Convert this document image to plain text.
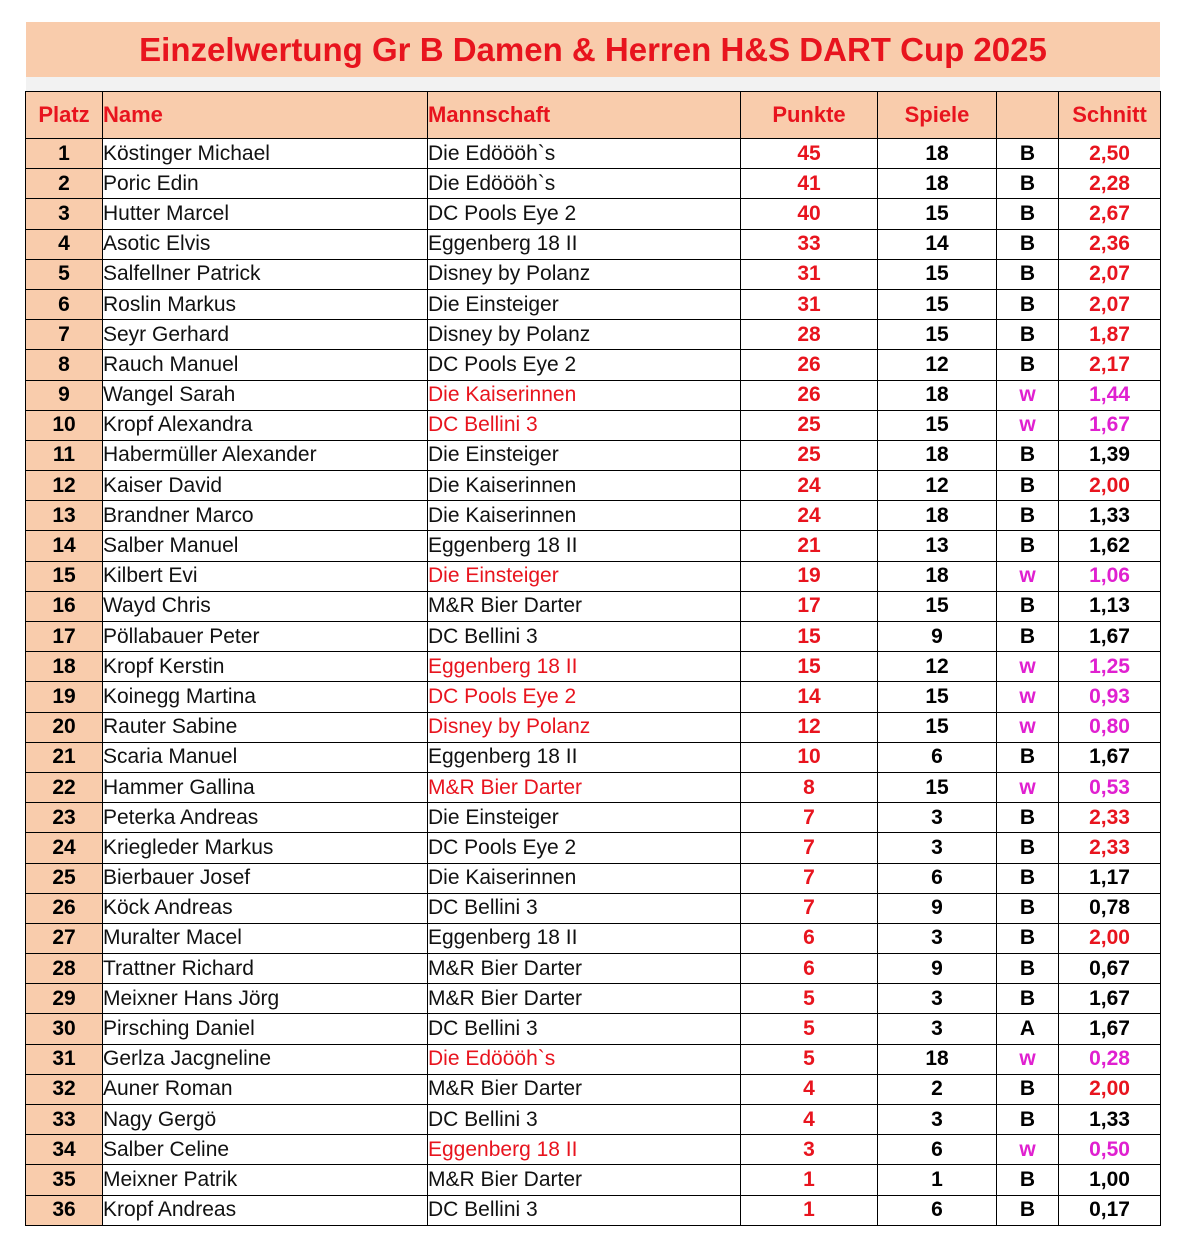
Einzelwertung Gr B Damen & Herren H&S DART Cup 2025
Platz	Name	Mannschaft	Punkte	Spiele		Schnitt
1	Köstinger Michael	Die Edöööh`s	45	18	B	2,50
2	Poric Edin	Die Edöööh`s	41	18	B	2,28
3	Hutter Marcel	DC Pools Eye 2	40	15	B	2,67
4	Asotic Elvis	Eggenberg 18 II	33	14	B	2,36
5	Salfellner Patrick	Disney by Polanz	31	15	B	2,07
6	Roslin Markus	Die Einsteiger	31	15	B	2,07
7	Seyr Gerhard	Disney by Polanz	28	15	B	1,87
8	Rauch Manuel	DC Pools Eye 2	26	12	B	2,17
9	Wangel Sarah	Die Kaiserinnen	26	18	w	1,44
10	Kropf Alexandra	DC Bellini 3	25	15	w	1,67
11	Habermüller Alexander	Die Einsteiger	25	18	B	1,39
12	Kaiser David	Die Kaiserinnen	24	12	B	2,00
13	Brandner Marco	Die Kaiserinnen	24	18	B	1,33
14	Salber Manuel	Eggenberg 18 II	21	13	B	1,62
15	Kilbert Evi	Die Einsteiger	19	18	w	1,06
16	Wayd Chris	M&R Bier Darter	17	15	B	1,13
17	Pöllabauer Peter	DC Bellini 3	15	9	B	1,67
18	Kropf Kerstin	Eggenberg 18 II	15	12	w	1,25
19	Koinegg Martina	DC Pools Eye 2	14	15	w	0,93
20	Rauter Sabine	Disney by Polanz	12	15	w	0,80
21	Scaria Manuel	Eggenberg 18 II	10	6	B	1,67
22	Hammer Gallina	M&R Bier Darter	8	15	w	0,53
23	Peterka Andreas	Die Einsteiger	7	3	B	2,33
24	Kriegleder Markus	DC Pools Eye 2	7	3	B	2,33
25	Bierbauer Josef	Die Kaiserinnen	7	6	B	1,17
26	Köck Andreas	DC Bellini 3	7	9	B	0,78
27	Muralter Macel	Eggenberg 18 II	6	3	B	2,00
28	Trattner Richard	M&R Bier Darter	6	9	B	0,67
29	Meixner Hans Jörg	M&R Bier Darter	5	3	B	1,67
30	Pirsching Daniel	DC Bellini 3	5	3	A	1,67
31	Gerlza Jacgneline	Die Edöööh`s	5	18	w	0,28
32	Auner Roman	M&R Bier Darter	4	2	B	2,00
33	Nagy Gergö	DC Bellini 3	4	3	B	1,33
34	Salber Celine	Eggenberg 18 II	3	6	w	0,50
35	Meixner Patrik	M&R Bier Darter	1	1	B	1,00
36	Kropf Andreas	DC Bellini 3	1	6	B	0,17
